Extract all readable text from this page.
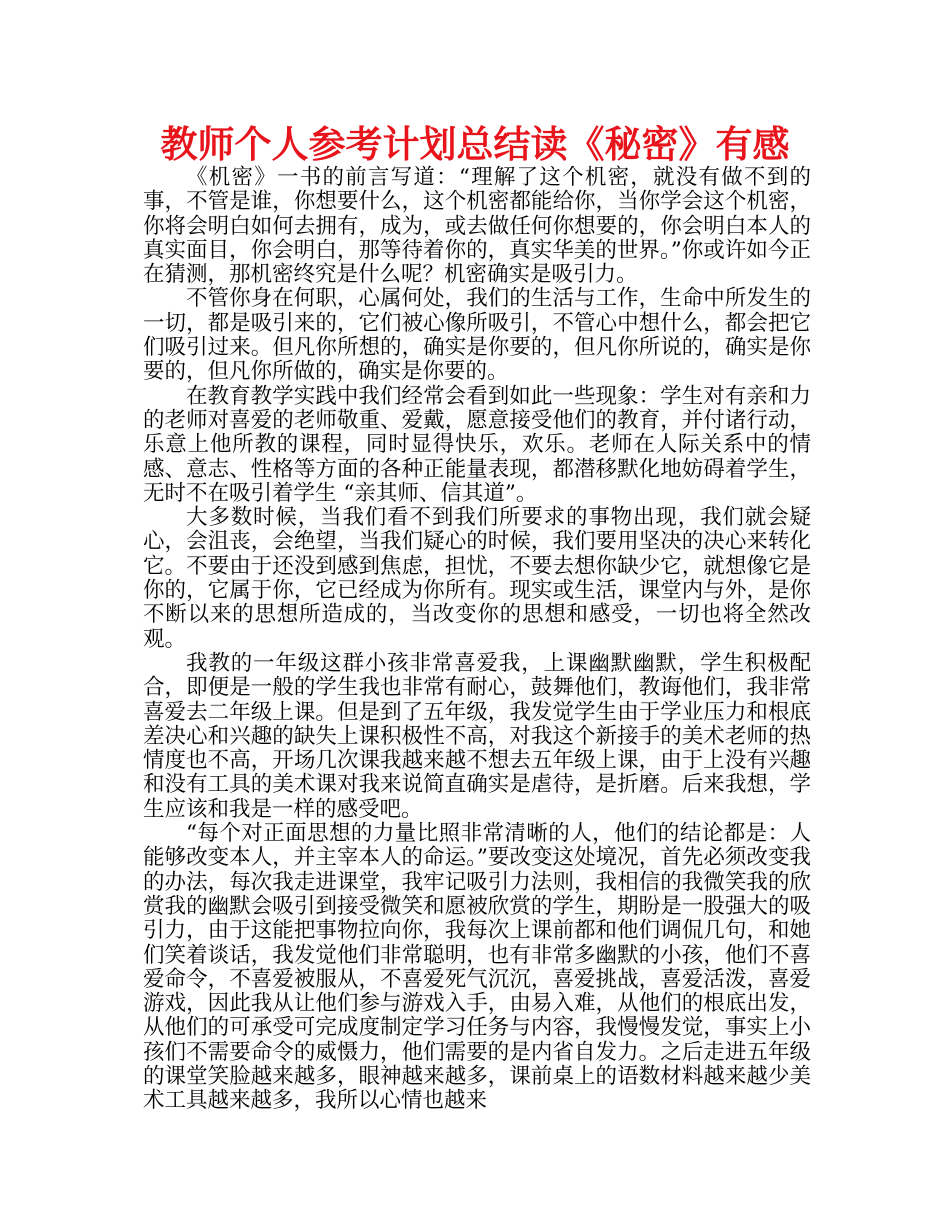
教师个人参考计划总结读《秘密》有感

《机密》一书的前言写道：“理解了这个机密，就没有做不到的事，不管是谁，你想要什么，这个机密都能给你，当你学会这个机密，你将会明白如何去拥有，成为，或去做任何你想要的，你会明白本人的真实面目，你会明白，那等待着你的，真实华美的世界。”你或许如今正在猜测，那机密终究是什么呢？机密确实是吸引力。

不管你身在何职，心属何处，我们的生活与工作，生命中所发生的一切，都是吸引来的，它们被心像所吸引，不管心中想什么，都会把它们吸引过来。但凡你所想的，确实是你要的，但凡你所说的，确实是你要的，但凡你所做的，确实是你要的。

在教育教学实践中我们经常会看到如此一些现象：学生对有亲和力的老师对喜爱的老师敬重、爱戴，愿意接受他们的教育，并付诸行动，乐意上他所教的课程，同时显得快乐，欢乐。老师在人际关系中的情感、意志、性格等方面的各种正能量表现，都潜移默化地妨碍着学生，无时不在吸引着学生 “亲其师、信其道”。

大多数时候，当我们看不到我们所要求的事物出现，我们就会疑心，会沮丧，会绝望，当我们疑心的时候，我们要用坚决的决心来转化它。不要由于还没到感到焦虑，担忧，不要去想你缺少它，就想像它是你的，它属于你，它已经成为你所有。现实或生活，课堂内与外，是你不断以来的思想所造成的，当改变你的思想和感受，一切也将全然改观。

我教的一年级这群小孩非常喜爱我，上课幽默幽默，学生积极配合，即便是一般的学生我也非常有耐心，鼓舞他们，教诲他们，我非常喜爱去二年级上课。但是到了五年级，我发觉学生由于学业压力和根底差决心和兴趣的缺失上课积极性不高，对我这个新接手的美术老师的热情度也不高，开场几次课我越来越不想去五年级上课，由于上没有兴趣和没有工具的美术课对我来说简直确实是虐待，是折磨。后来我想，学生应该和我是一样的感受吧。

“每个对正面思想的力量比照非常清晰的人，他们的结论都是：人能够改变本人，并主宰本人的命运。”要改变这处境况，首先必须改变我的办法，每次我走进课堂，我牢记吸引力法则，我相信的我微笑我的欣赏我的幽默会吸引到接受微笑和愿被欣赏的学生，期盼是一股强大的吸引力，由于这能把事物拉向你，我每次上课前都和他们调侃几句，和她们笑着谈话，我发觉他们非常聪明，也有非常多幽默的小孩，他们不喜爱命令，不喜爱被服从，不喜爱死气沉沉，喜爱挑战，喜爱活泼，喜爱游戏，因此我从让他们参与游戏入手，由易入难，从他们的根底出发，从他们的可承受可完成度制定学习任务与内容，我慢慢发觉，事实上小孩们不需要命令的威慑力，他们需要的是内省自发力。之后走进五年级的课堂笑脸越来越多，眼神越来越多，课前桌上的语数材料越来越少美术工具越来越多，我所以心情也越来
